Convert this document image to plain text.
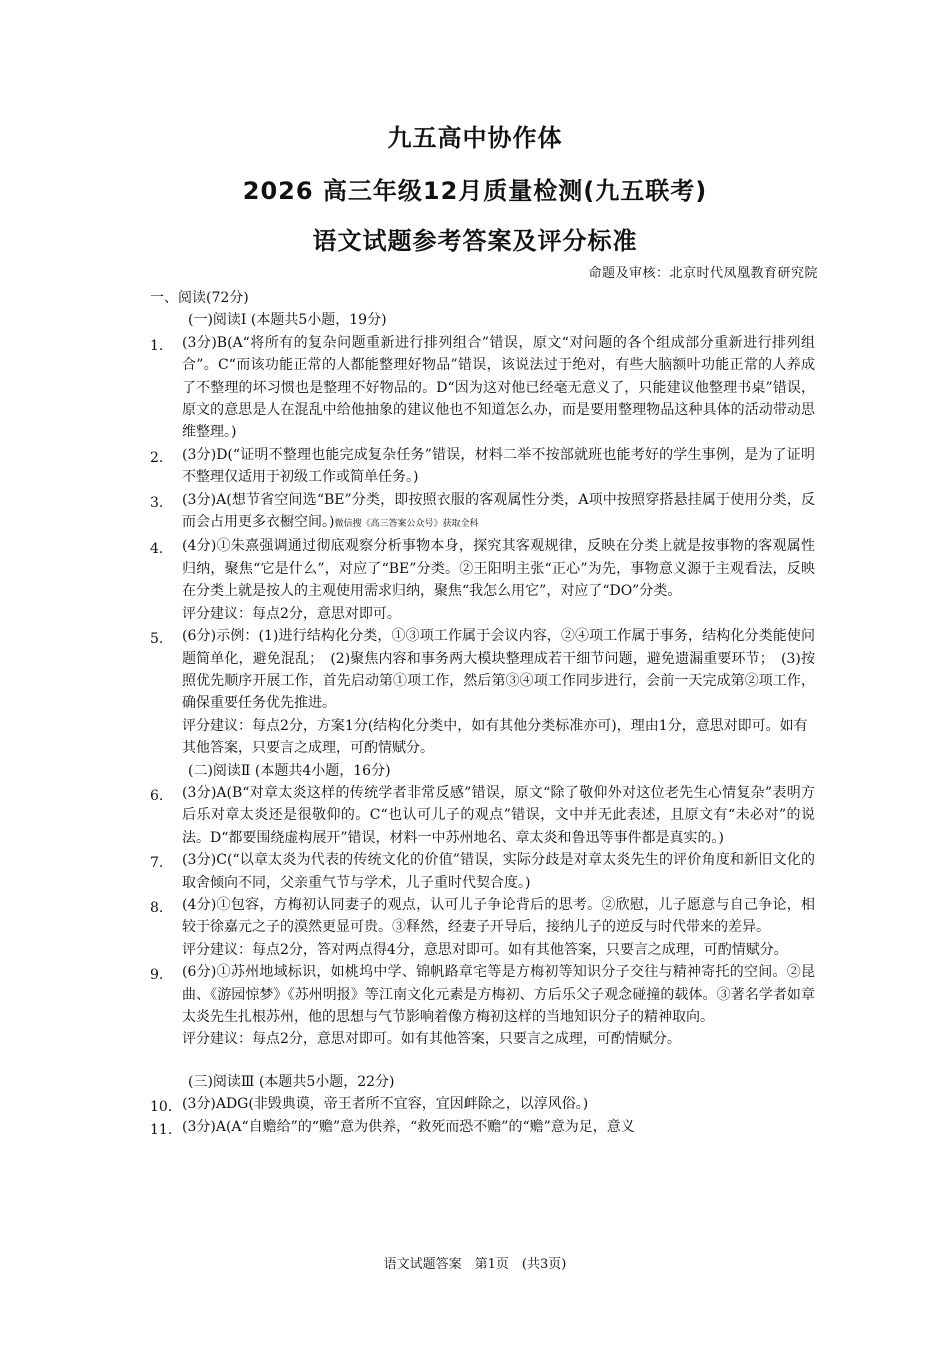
九五高中协作体
2026 高三年级12月质量检测(九五联考)
语文试题参考答案及评分标准
命题及审核：北京时代凤凰教育研究院
一、阅读(72分)
(一)阅读Ⅰ (本题共5小题，19分)
1. (3分)B(A“将所有的复杂问题重新进行排列组合”错误，原文“对问题的各个组成部分重新进行排列组合”。C“而该功能正常的人都能整理好物品”错误，该说法过于绝对，有些大脑额叶功能正常的人养成了不整理的坏习惯也是整理不好物品的。D“因为这对他已经毫无意义了，只能建议他整理书桌”错误，原文的意思是人在混乱中给他抽象的建议他也不知道怎么办，而是要用整理物品这种具体的活动带动思维整理。)
2. (3分)D(“证明不整理也能完成复杂任务”错误，材料二举不按部就班也能考好的学生事例，是为了证明不整理仅适用于初级工作或简单任务。)
3. (3分)A(想节省空间选“BE”分类，即按照衣服的客观属性分类，A项中按照穿搭悬挂属于使用分类，反而会占用更多衣橱空间。)微信搜《高三答案公众号》获取全科
4. (4分)①朱熹强调通过彻底观察分析事物本身，探究其客观规律，反映在分类上就是按事物的客观属性归纳，聚焦“它是什么”，对应了“BE”分类。②王阳明主张“正心”为先，事物意义源于主观看法，反映在分类上就是按人的主观使用需求归纳，聚焦“我怎么用它”，对应了“DO”分类。
评分建议：每点2分，意思对即可。
5. (6分)示例：(1)进行结构化分类，①③项工作属于会议内容，②④项工作属于事务，结构化分类能使问题简单化，避免混乱；　(2)聚焦内容和事务两大模块整理成若干细节问题，避免遗漏重要环节；　(3)按照优先顺序开展工作，首先启动第①项工作，然后第③④项工作同步进行，会前一天完成第②项工作，确保重要任务优先推进。
评分建议：每点2分，方案1分(结构化分类中，如有其他分类标准亦可)，理由1分，意思对即可。如有其他答案，只要言之成理，可酌情赋分。
(二)阅读Ⅱ (本题共4小题，16分)
6. (3分)A(B“对章太炎这样的传统学者非常反感”错误，原文“除了敬仰外对这位老先生心情复杂”表明方后乐对章太炎还是很敬仰的。C“也认可儿子的观点”错误，文中并无此表述，且原文有“未必对”的说法。D“都要围绕虚构展开”错误，材料一中苏州地名、章太炎和鲁迅等事件都是真实的。)
7. (3分)C(“以章太炎为代表的传统文化的价值”错误，实际分歧是对章太炎先生的评价角度和新旧文化的取舍倾向不同，父亲重气节与学术，儿子重时代契合度。)
8. (4分)①包容，方梅初认同妻子的观点，认可儿子争论背后的思考。②欣慰，儿子愿意与自己争论，相较于徐嘉元之子的漠然更显可贵。③释然，经妻子开导后，接纳儿子的逆反与时代带来的差异。
评分建议：每点2分，答对两点得4分，意思对即可。如有其他答案，只要言之成理，可酌情赋分。
9. (6分)①苏州地域标识，如桃坞中学、锦帆路章宅等是方梅初等知识分子交往与精神寄托的空间。②昆曲、《游园惊梦》《苏州明报》等江南文化元素是方梅初、方后乐父子观念碰撞的载体。③著名学者如章太炎先生扎根苏州，他的思想与气节影响着像方梅初这样的当地知识分子的精神取向。
评分建议：每点2分，意思对即可。如有其他答案，只要言之成理，可酌情赋分。
(三)阅读Ⅲ (本题共5小题，22分)
10. (3分)ADG(非毁典谟，帝王者所不宜容，宜因衅除之，以淳风俗。)
11. (3分)A(A“自赡给”的“赡”意为供养，“救死而恐不赡”的“赡”意为足，意义
语文试题答案　第1页　(共3页)
